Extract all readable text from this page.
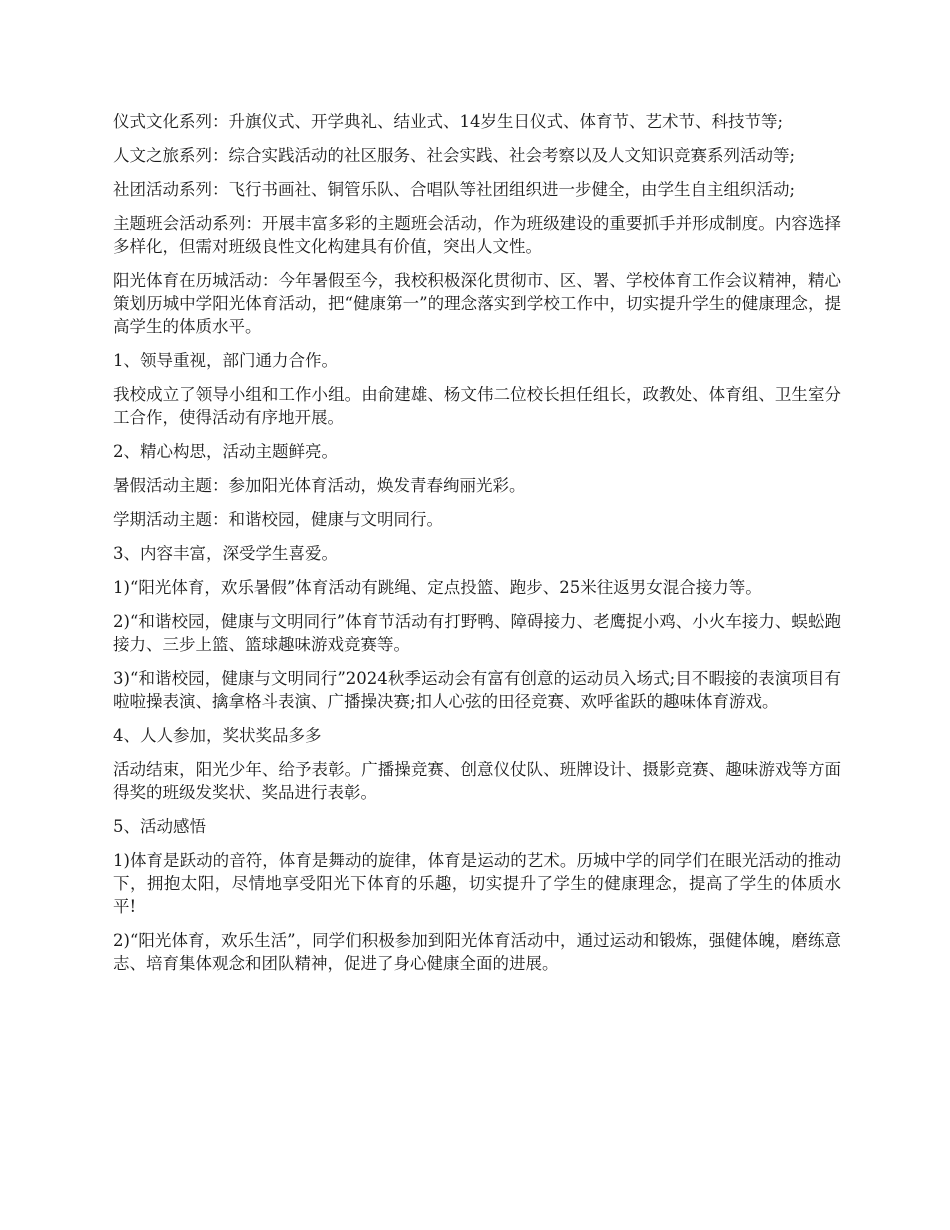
仪式文化系列：升旗仪式、开学典礼、结业式、14岁生日仪式、体育节、艺术节、科技节等;

人文之旅系列：综合实践活动的社区服务、社会实践、社会考察以及人文知识竞赛系列活动等;

社团活动系列：飞行书画社、铜管乐队、合唱队等社团组织进一步健全，由学生自主组织活动;

主题班会活动系列：开展丰富多彩的主题班会活动，作为班级建设的重要抓手并形成制度。内容选择多样化，但需对班级良性文化构建具有价值，突出人文性。

阳光体育在历城活动：今年暑假至今，我校积极深化贯彻市、区、署、学校体育工作会议精神，精心策划历城中学阳光体育活动，把“健康第一”的理念落实到学校工作中，切实提升学生的健康理念，提高学生的体质水平。

1、领导重视，部门通力合作。

我校成立了领导小组和工作小组。由俞建雄、杨文伟二位校长担任组长，政教处、体育组、卫生室分工合作，使得活动有序地开展。

2、精心构思，活动主题鲜亮。

暑假活动主题：参加阳光体育活动，焕发青春绚丽光彩。

学期活动主题：和谐校园，健康与文明同行。

3、内容丰富，深受学生喜爱。

1)“阳光体育，欢乐暑假”体育活动有跳绳、定点投篮、跑步、25米往返男女混合接力等。

2)“和谐校园，健康与文明同行”体育节活动有打野鸭、障碍接力、老鹰捉小鸡、小火车接力、蜈蚣跑接力、三步上篮、篮球趣味游戏竞赛等。

3)“和谐校园，健康与文明同行”2024秋季运动会有富有创意的运动员入场式;目不暇接的表演项目有啦啦操表演、擒拿格斗表演、广播操决赛;扣人心弦的田径竞赛、欢呼雀跃的趣味体育游戏。

4、人人参加，奖状奖品多多

活动结束，阳光少年、给予表彰。广播操竞赛、创意仪仗队、班牌设计、摄影竞赛、趣味游戏等方面得奖的班级发奖状、奖品进行表彰。

5、活动感悟

1)体育是跃动的音符，体育是舞动的旋律，体育是运动的艺术。历城中学的同学们在眼光活动的推动下，拥抱太阳，尽情地享受阳光下体育的乐趣，切实提升了学生的健康理念，提高了学生的体质水平!

2)“阳光体育，欢乐生活”，同学们积极参加到阳光体育活动中，通过运动和锻炼，强健体魄，磨练意志、培育集体观念和团队精神，促进了身心健康全面的进展。
